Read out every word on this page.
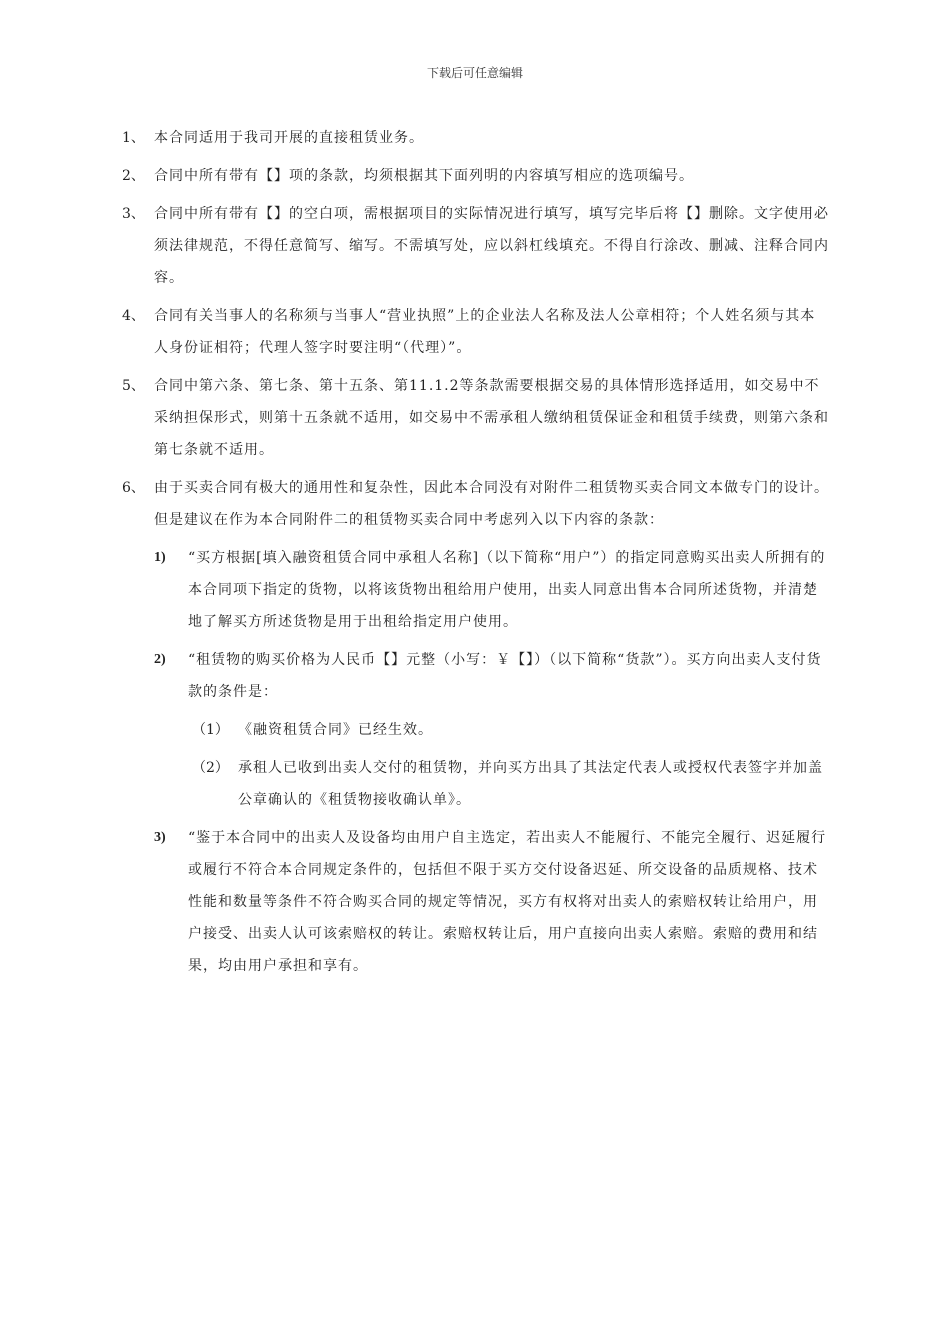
下载后可任意编辑
1、 本合同适用于我司开展的直接租赁业务。
2、 合同中所有带有【】项的条款，均须根据其下面列明的内容填写相应的选项编号。
3、 合同中所有带有【】的空白项，需根据项目的实际情况进行填写，填写完毕后将【】删除。文字使用必须法律规范，不得任意简写、缩写。不需填写处，应以斜杠线填充。不得自行涂改、删减、注释合同内容。
4、 合同有关当事人的名称须与当事人“营业执照”上的企业法人名称及法人公章相符；个人姓名须与其本人身份证相符；代理人签字时要注明“（代理）”。
5、 合同中第六条、第七条、第十五条、第11.1.2等条款需要根据交易的具体情形选择适用，如交易中不采纳担保形式，则第十五条就不适用，如交易中不需承租人缴纳租赁保证金和租赁手续费，则第六条和第七条就不适用。
6、 由于买卖合同有极大的通用性和复杂性，因此本合同没有对附件二租赁物买卖合同文本做专门的设计。但是建议在作为本合同附件二的租赁物买卖合同中考虑列入以下内容的条款：
1) “买方根据[填入融资租赁合同中承租人名称]（以下简称“用户”）的指定同意购买出卖人所拥有的本合同项下指定的货物，以将该货物出租给用户使用，出卖人同意出售本合同所述货物，并清楚地了解买方所述货物是用于出租给指定用户使用。
2) “租赁物的购买价格为人民币【】元整（小写：￥【】）（以下简称“货款”）。买方向出卖人支付货款的条件是：
（1） 《融资租赁合同》已经生效。
（2） 承租人已收到出卖人交付的租赁物，并向买方出具了其法定代表人或授权代表签字并加盖公章确认的《租赁物接收确认单》。
3) “鉴于本合同中的出卖人及设备均由用户自主选定，若出卖人不能履行、不能完全履行、迟延履行或履行不符合本合同规定条件的，包括但不限于买方交付设备迟延、所交设备的品质规格、技术性能和数量等条件不符合购买合同的规定等情况，买方有权将对出卖人的索赔权转让给用户，用户接受、出卖人认可该索赔权的转让。索赔权转让后，用户直接向出卖人索赔。索赔的费用和结果，均由用户承担和享有。
